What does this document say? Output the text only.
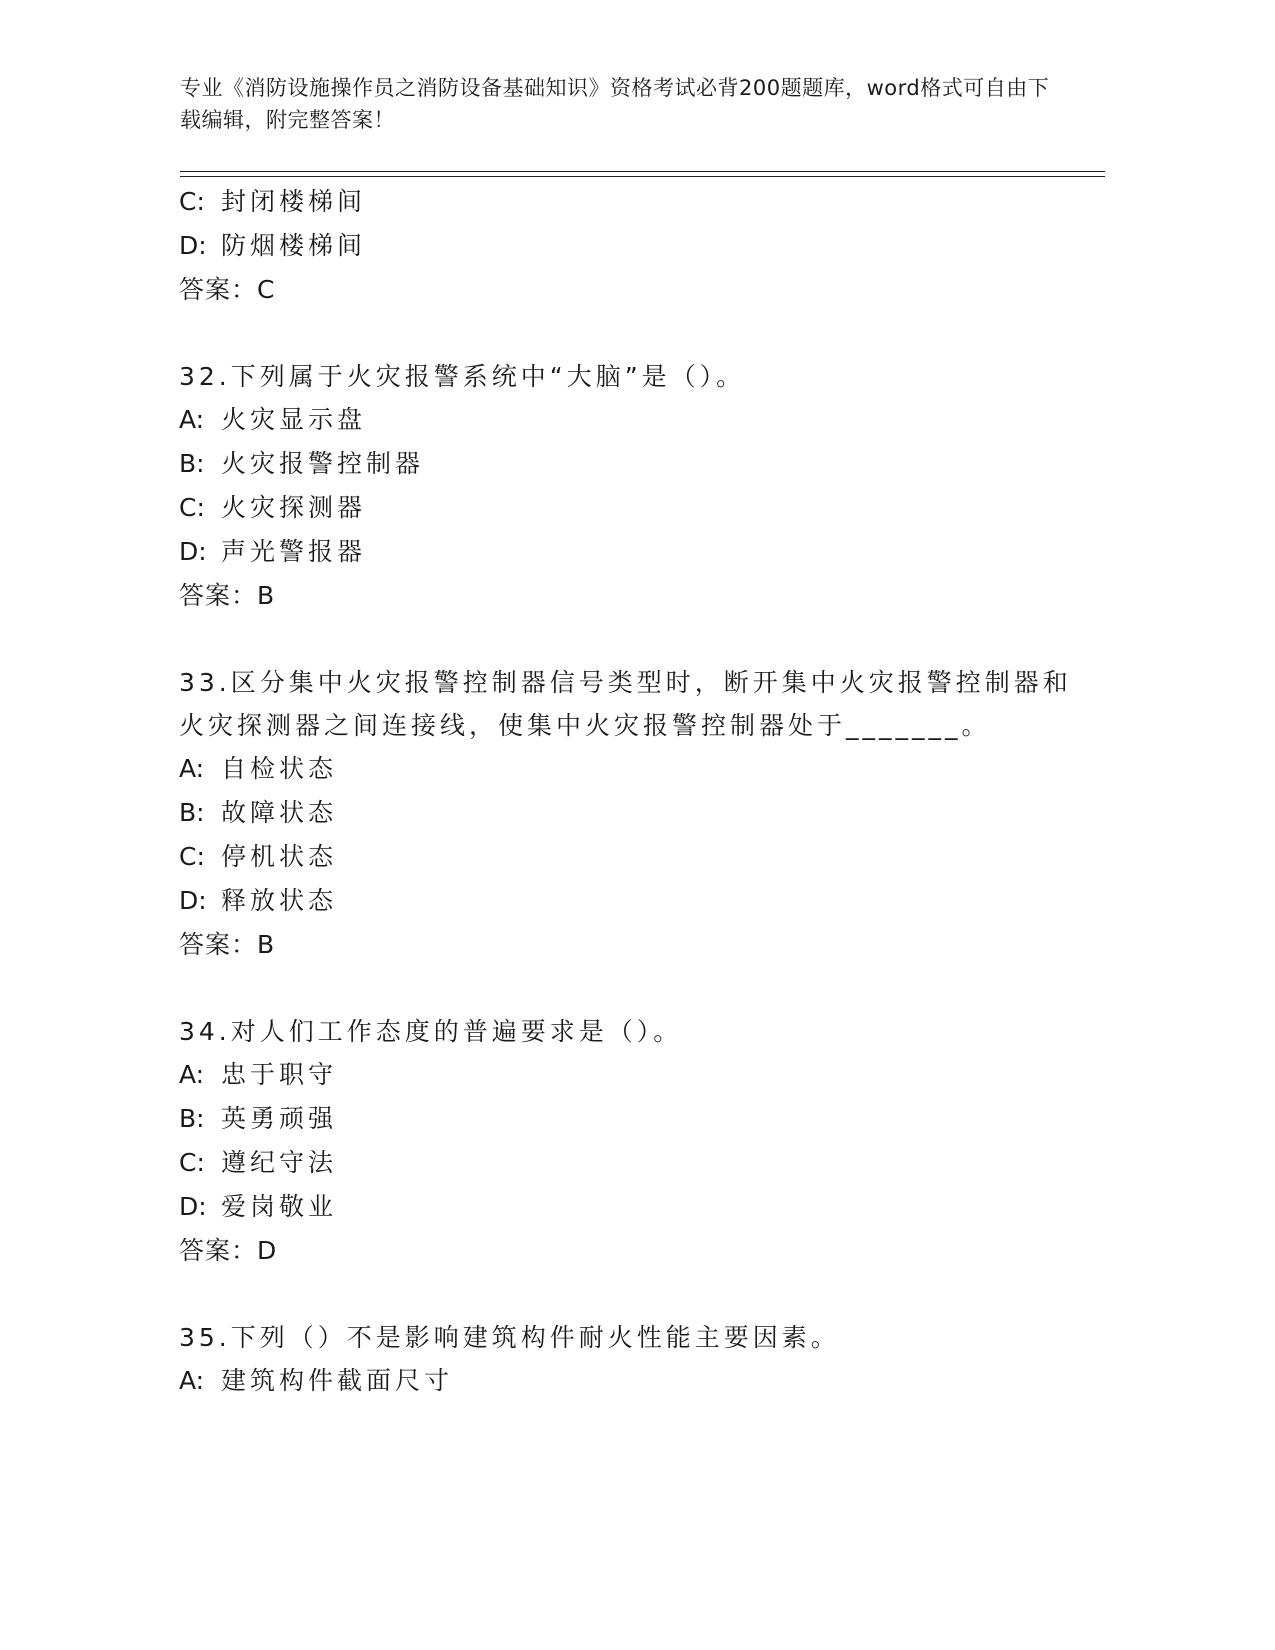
专业《消防设施操作员之消防设备基础知识》资格考试必背200题题库，word格式可自由下载编辑，附完整答案！
C: 封闭楼梯间
D: 防烟楼梯间
答案：C
32.下列属于火灾报警系统中“大脑”是（）。
A: 火灾显示盘
B: 火灾报警控制器
C: 火灾探测器
D: 声光警报器
答案：B
33.区分集中火灾报警控制器信号类型时，断开集中火灾报警控制器和
火灾探测器之间连接线，使集中火灾报警控制器处于_______。
A: 自检状态
B: 故障状态
C: 停机状态
D: 释放状态
答案：B
34.对人们工作态度的普遍要求是（）。
A: 忠于职守
B: 英勇顽强
C: 遵纪守法
D: 爱岗敬业
答案：D
35.下列（）不是影响建筑构件耐火性能主要因素。
A: 建筑构件截面尺寸
